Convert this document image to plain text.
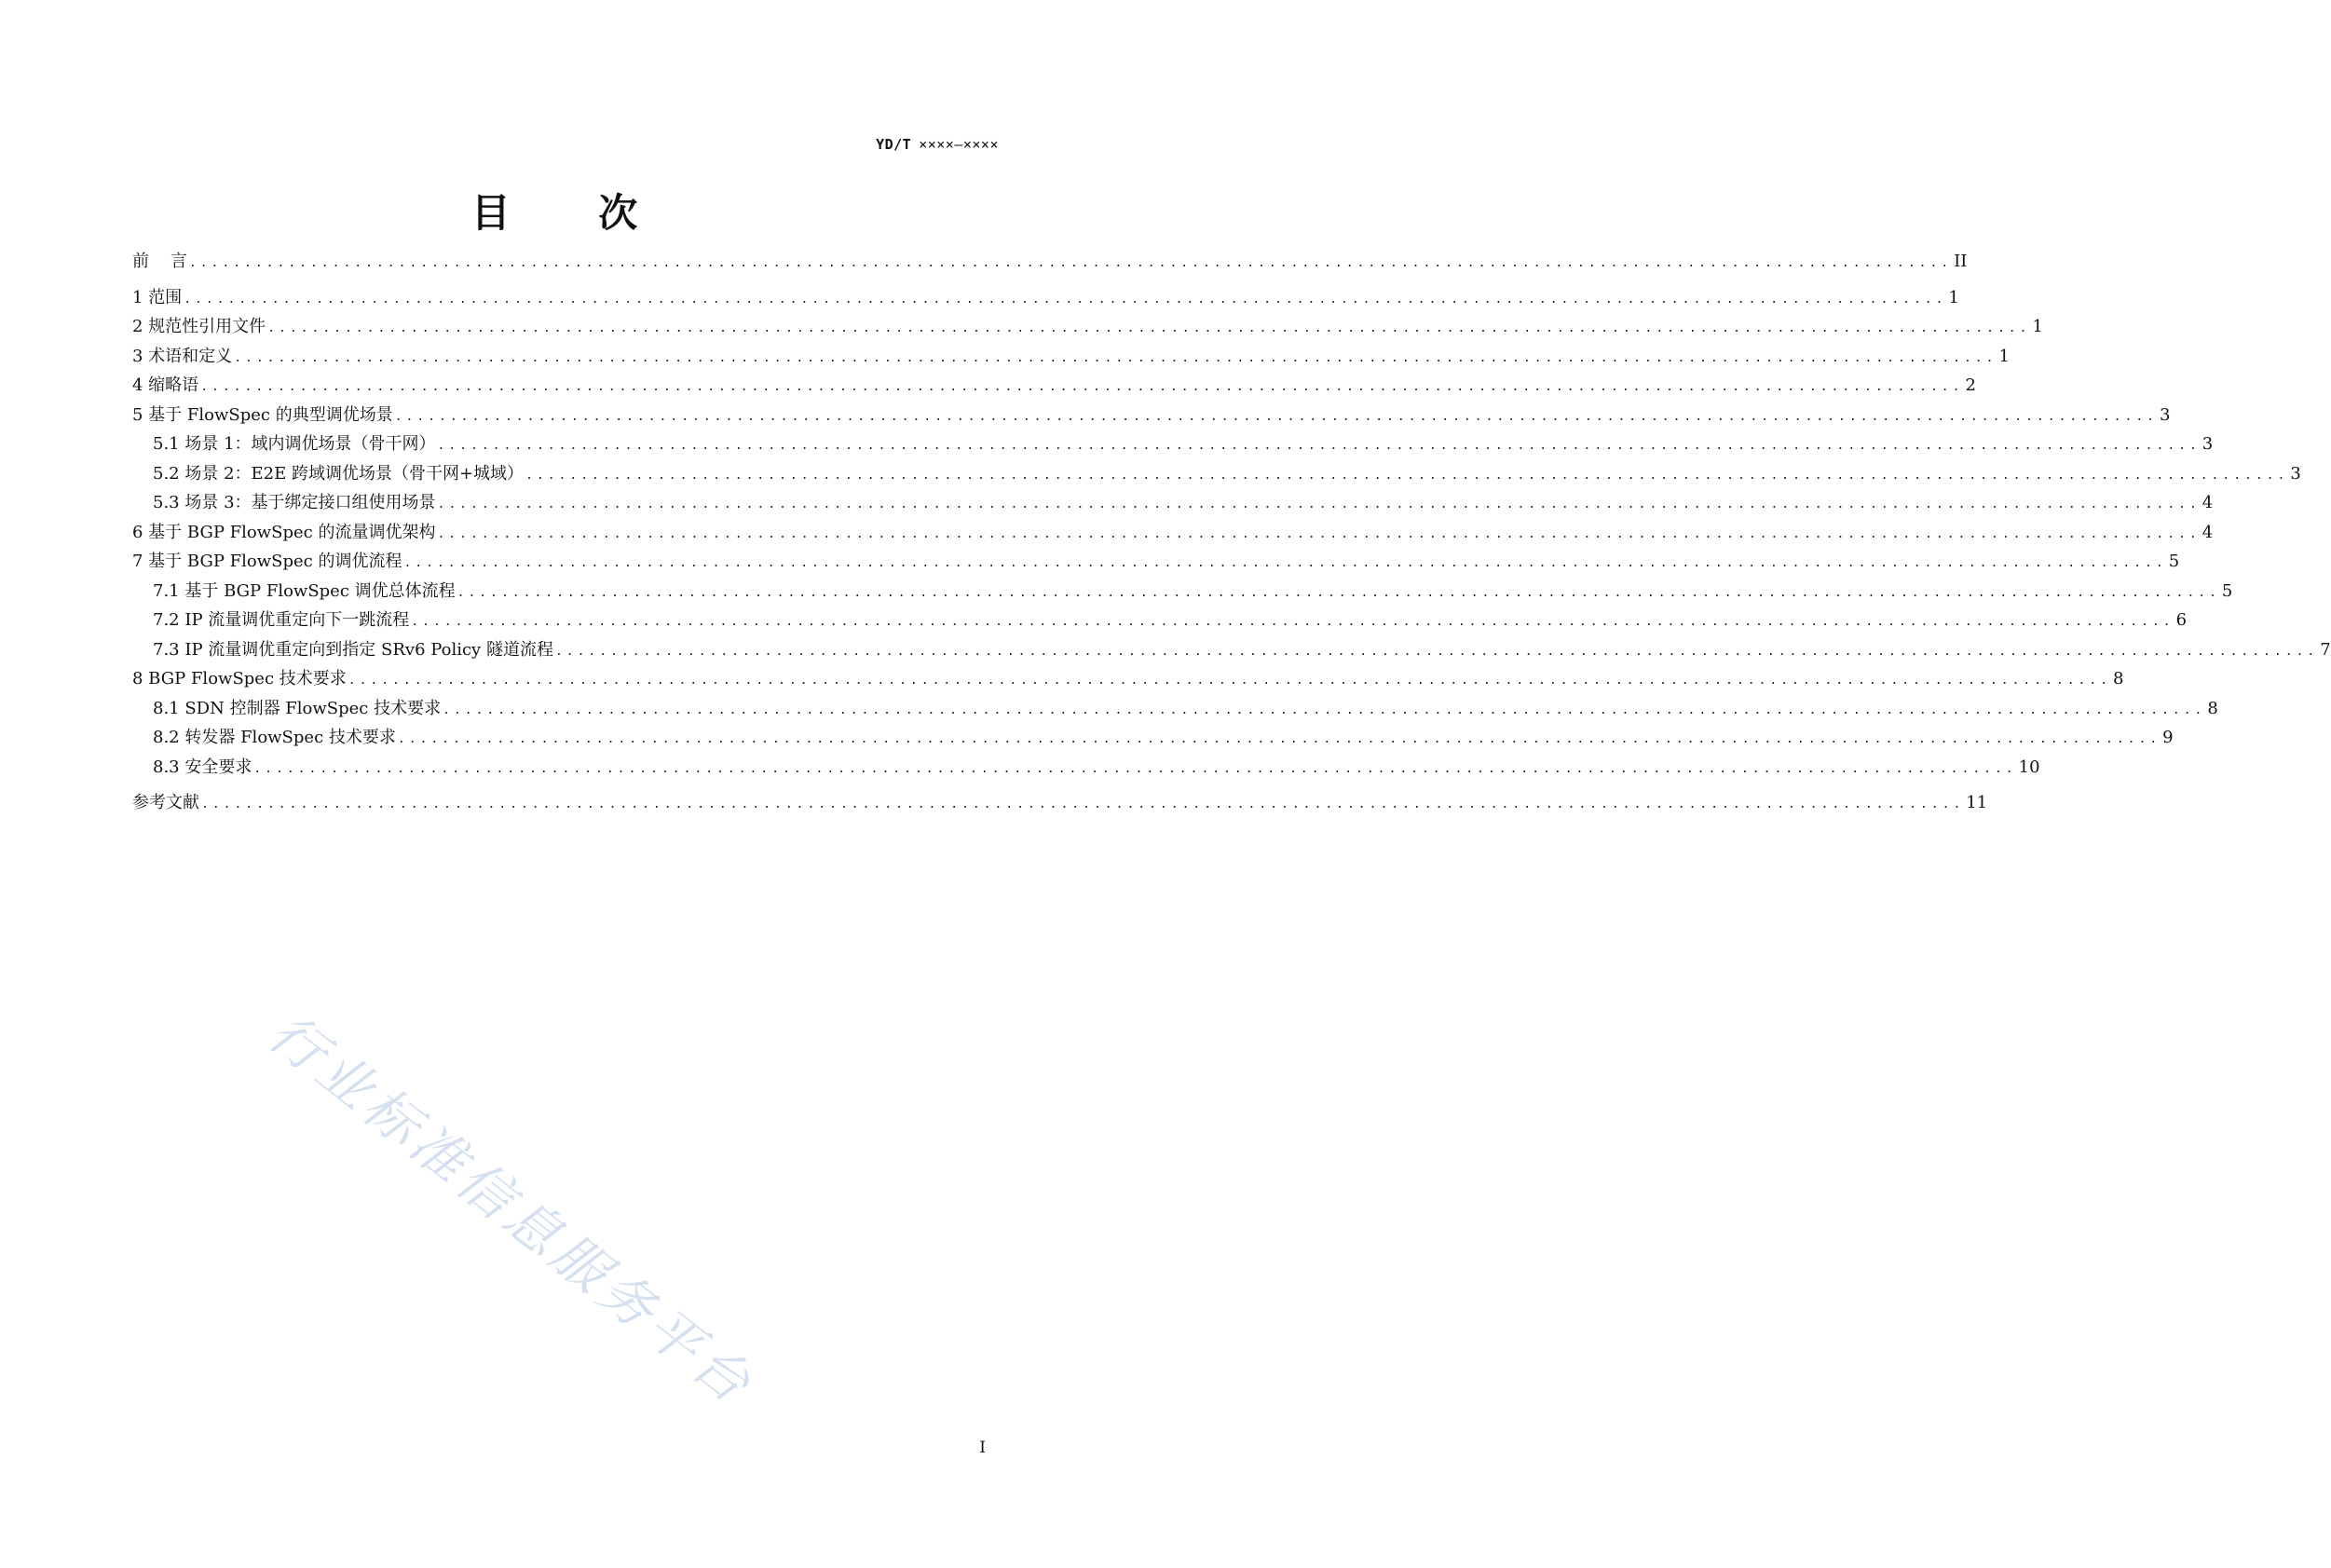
YD/T ××××—××××
目 次
前    言 ................................................................................................................................................................ II
1 范围 ................................................................................................................................................................ 1
2 规范性引用文件 ................................................................................................................................................................ 1
3 术语和定义 ................................................................................................................................................................ 1
4 缩略语 ................................................................................................................................................................ 2
5 基于 FlowSpec 的典型调优场景 ................................................................................................................................................................ 3
5.1 场景 1：域内调优场景（骨干网） ................................................................................................................................................................ 3
5.2 场景 2：E2E 跨域调优场景（骨干网+城域） ................................................................................................................................................................ 3
5.3 场景 3：基于绑定接口组使用场景 ................................................................................................................................................................ 4
6 基于 BGP FlowSpec 的流量调优架构 ................................................................................................................................................................ 4
7 基于 BGP FlowSpec 的调优流程 ................................................................................................................................................................ 5
7.1 基于 BGP FlowSpec 调优总体流程 ................................................................................................................................................................ 5
7.2 IP 流量调优重定向下一跳流程 ................................................................................................................................................................ 6
7.3 IP 流量调优重定向到指定 SRv6 Policy 隧道流程 ................................................................................................................................................................ 7
8 BGP FlowSpec 技术要求 ................................................................................................................................................................ 8
8.1 SDN 控制器 FlowSpec 技术要求 ................................................................................................................................................................ 8
8.2 转发器 FlowSpec 技术要求 ................................................................................................................................................................ 9
8.3 安全要求 ................................................................................................................................................................ 10
参考文献 ................................................................................................................................................................ 11
行业标准信息服务平台
I
